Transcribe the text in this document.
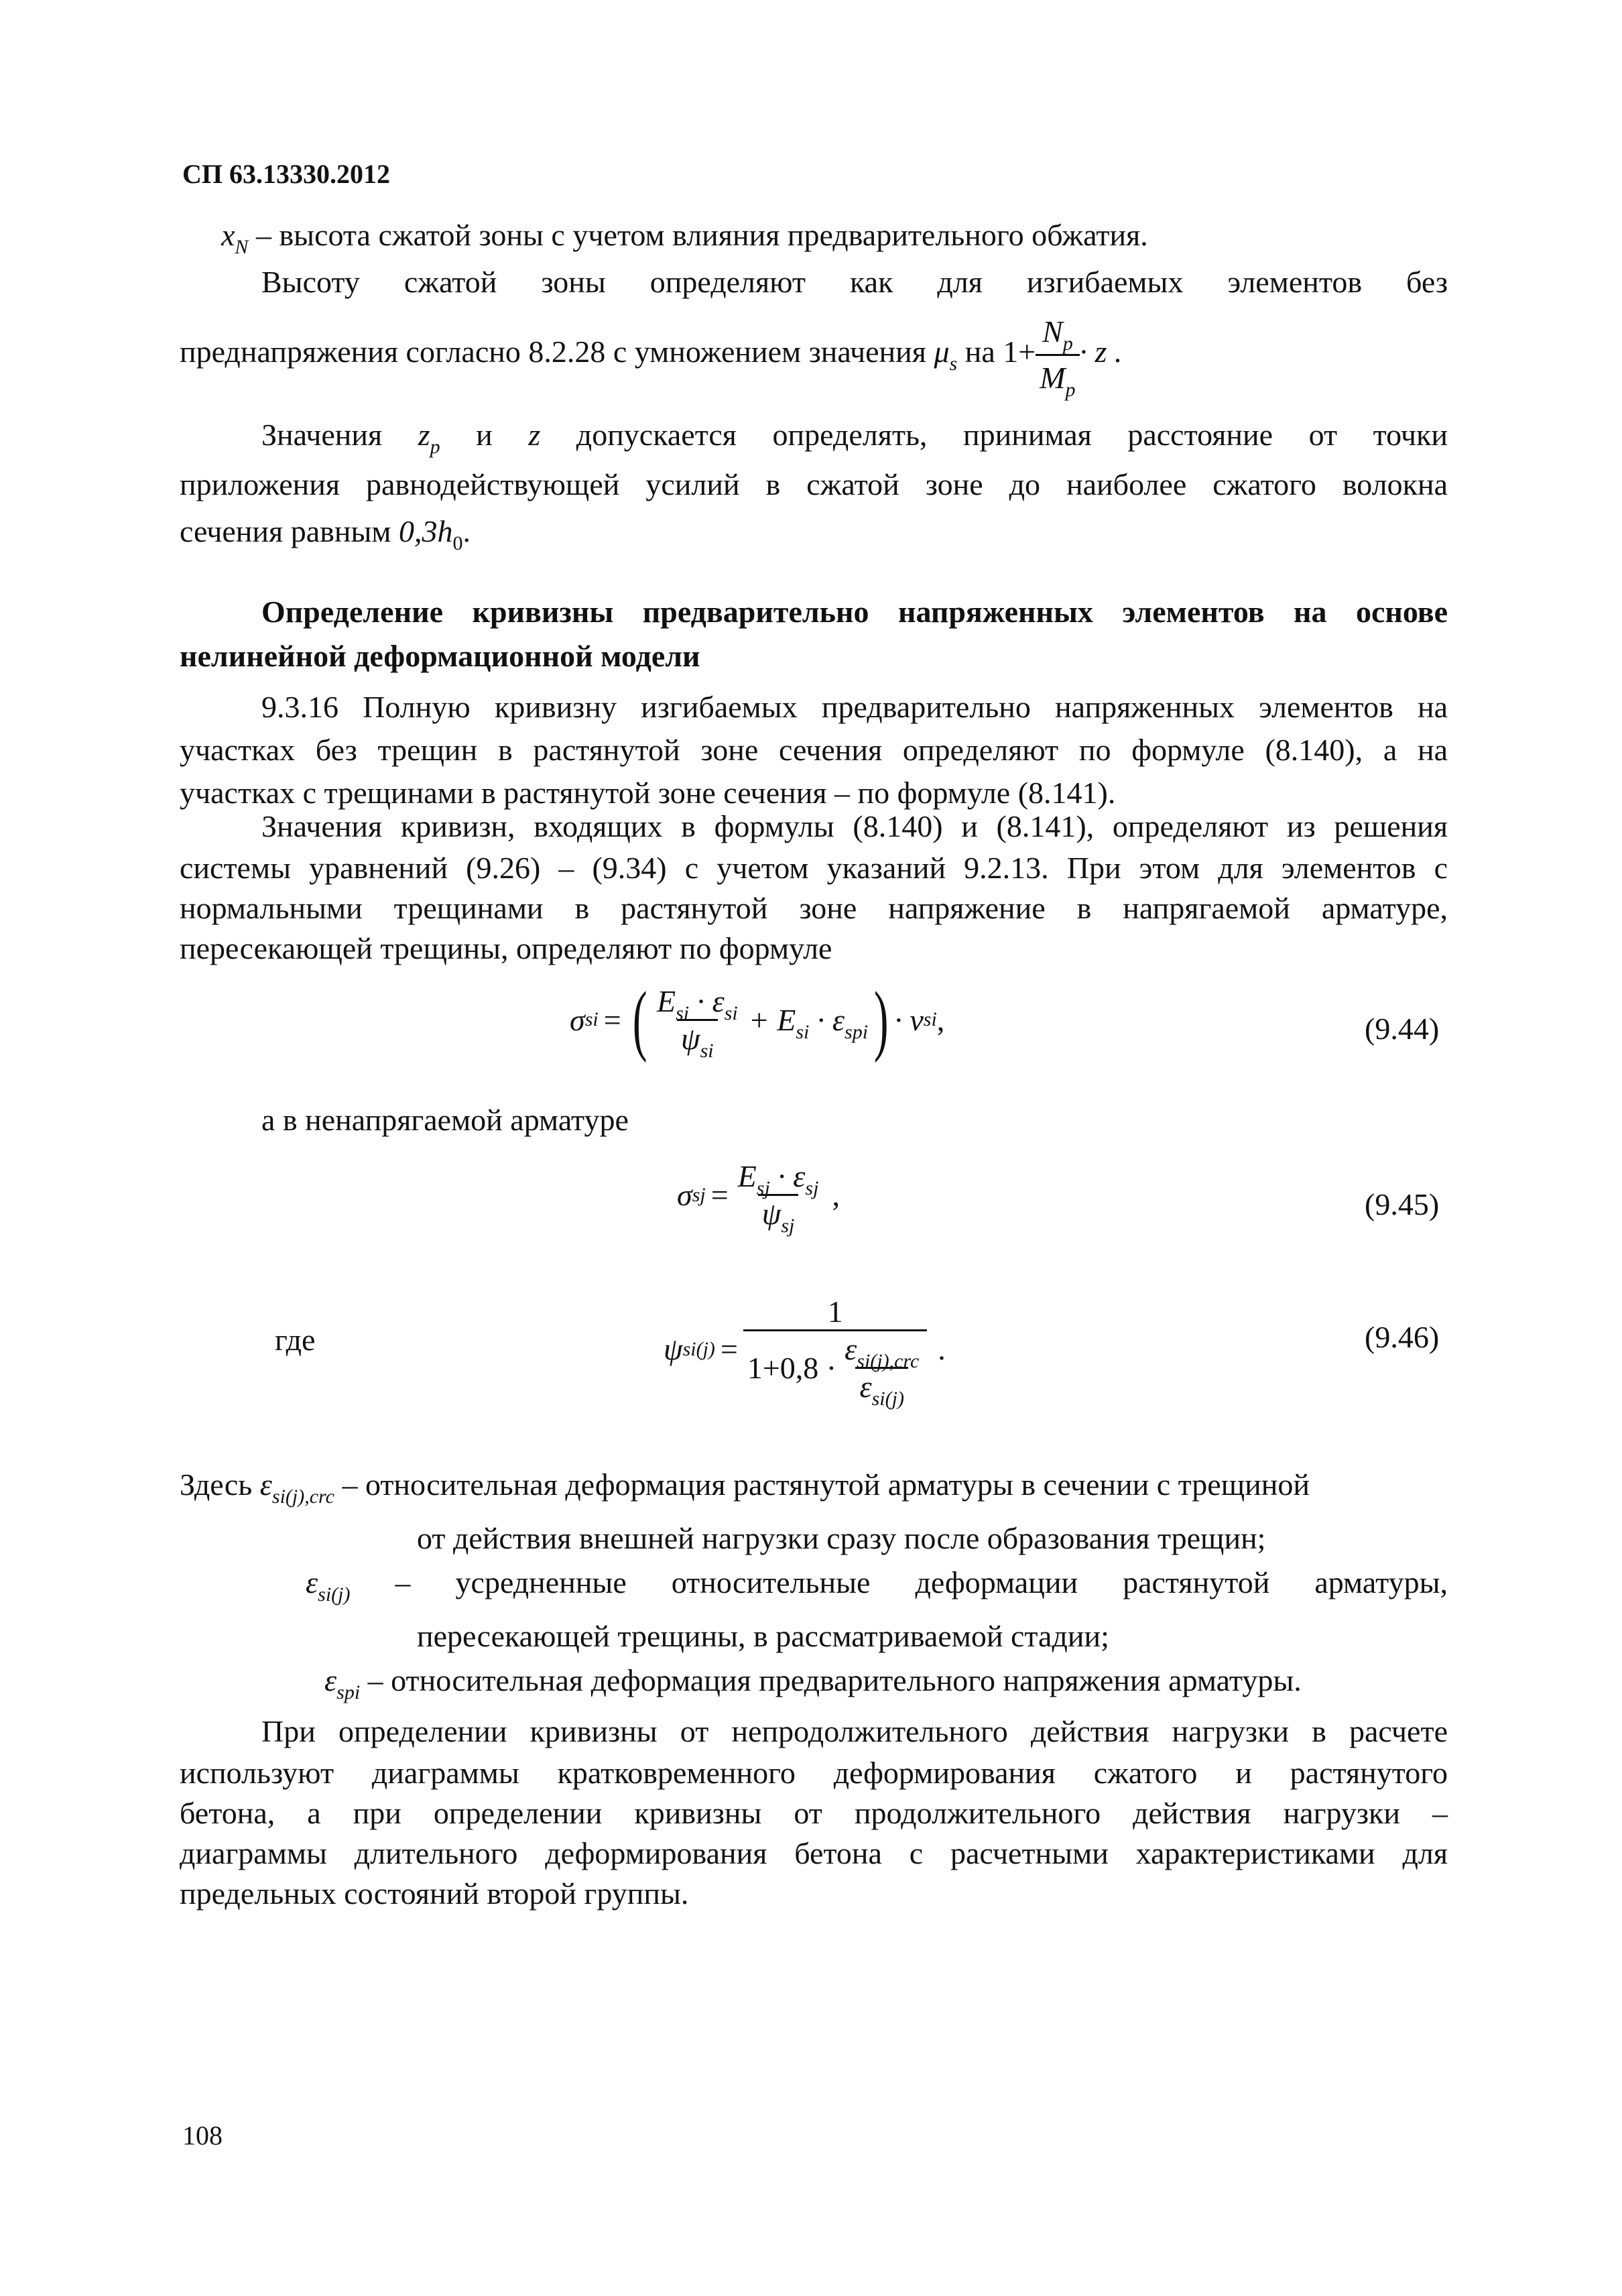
СП 63.13330.2012
$x_N$ – высота сжатой зоны с учетом влияния предварительного обжатия.
Высоту сжатой зоны определяют как для изгибаемых элементов без
преднапряжения согласно 8.2.28 с умножением значения $\mu_s$ на $1+ \frac{N_p}{M_p} \cdot z$ .
Значения $z_p$ и z допускается определять, принимая расстояние от точки
приложения равнодействующей усилий в сжатой зоне до наиболее сжатого волокна
сечения равным $0,3h_0$.
Определение кривизны предварительно напряженных элементов на основе
нелинейной деформационной модели
9.3.16 Полную кривизну изгибаемых предварительно напряженных элементов на
участках без трещин в растянутой зоне сечения определяют по формуле (8.140), а на
участках с трещинами в растянутой зоне сечения – по формуле (8.141).
Значения кривизн, входящих в формулы (8.140) и (8.141), определяют из решения
системы уравнений (9.26) – (9.34) с учетом указаний 9.2.13. При этом для элементов с
нормальными трещинами в растянутой зоне напряжение в напрягаемой арматуре,
пересекающей трещины, определяют по формуле
σ si = ( $\frac{E_{si} \cdot \varepsilon_{si}}{\psi_{si}} + E_{si} \cdot \varepsilon_{spi}$ ) · ν si ,	(9.44)
а в ненапрягаемой арматуре
σ sj = $\frac{E_{sj} \cdot \varepsilon_{sj}}{\psi_{sj}}$ ,	(9.45)
где	ψ $si(j) = \frac{1}{1+0,8 \cdot \frac{\varepsilon_{si(j),crc}}{\varepsilon_{si(j)}}}$ .	(9.46)
Здесь $\varepsilon_{si(j),crc}$ – относительная деформация растянутой арматуры в сечении с трещиной
от действия внешней нагрузки сразу после образования трещин;
$\varepsilon_{si(j)}$ – усредненные относительные деформации растянутой арматуры,
пересекающей трещины, в рассматриваемой стадии;
$\varepsilon_{spi}$ – относительная деформация предварительного напряжения арматуры.
При определении кривизны от непродолжительного действия нагрузки в расчете
используют диаграммы кратковременного деформирования сжатого и растянутого
бетона, а при определении кривизны от продолжительного действия нагрузки –
диаграммы длительного деформирования бетона с расчетными характеристиками для
предельных состояний второй группы.
108
